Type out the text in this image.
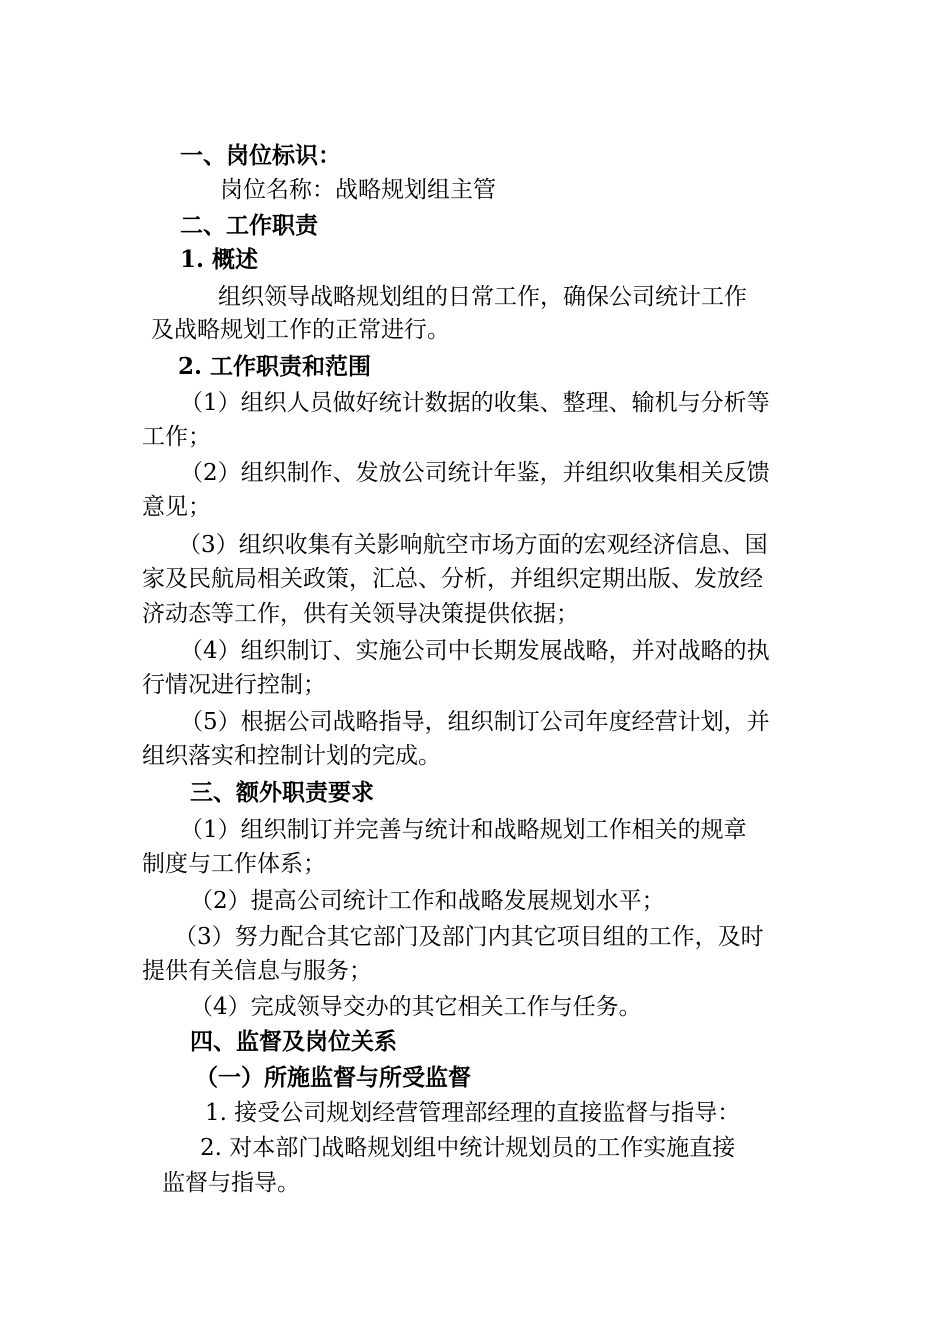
一、岗位标识：
岗位名称：战略规划组主管
二、工作职责
1. 概述
组织领导战略规划组的日常工作，确保公司统计工作
及战略规划工作的正常进行。
2. 工作职责和范围
（1）组织人员做好统计数据的收集、整理、输机与分析等
工作；
（2）组织制作、发放公司统计年鉴，并组织收集相关反馈
意见；
（3）组织收集有关影响航空市场方面的宏观经济信息、国
家及民航局相关政策，汇总、分析，并组织定期出版、发放经
济动态等工作，供有关领导决策提供依据；
（4）组织制订、实施公司中长期发展战略，并对战略的执
行情况进行控制；
（5）根据公司战略指导，组织制订公司年度经营计划，并
组织落实和控制计划的完成。
三、额外职责要求
（1）组织制订并完善与统计和战略规划工作相关的规章
制度与工作体系；
（2）提高公司统计工作和战略发展规划水平；
（3）努力配合其它部门及部门内其它项目组的工作，及时
提供有关信息与服务；
（4）完成领导交办的其它相关工作与任务。
四、监督及岗位关系
（一）所施监督与所受监督
1. 接受公司规划经营管理部经理的直接监督与指导：
2. 对本部门战略规划组中统计规划员的工作实施直接
监督与指导。
